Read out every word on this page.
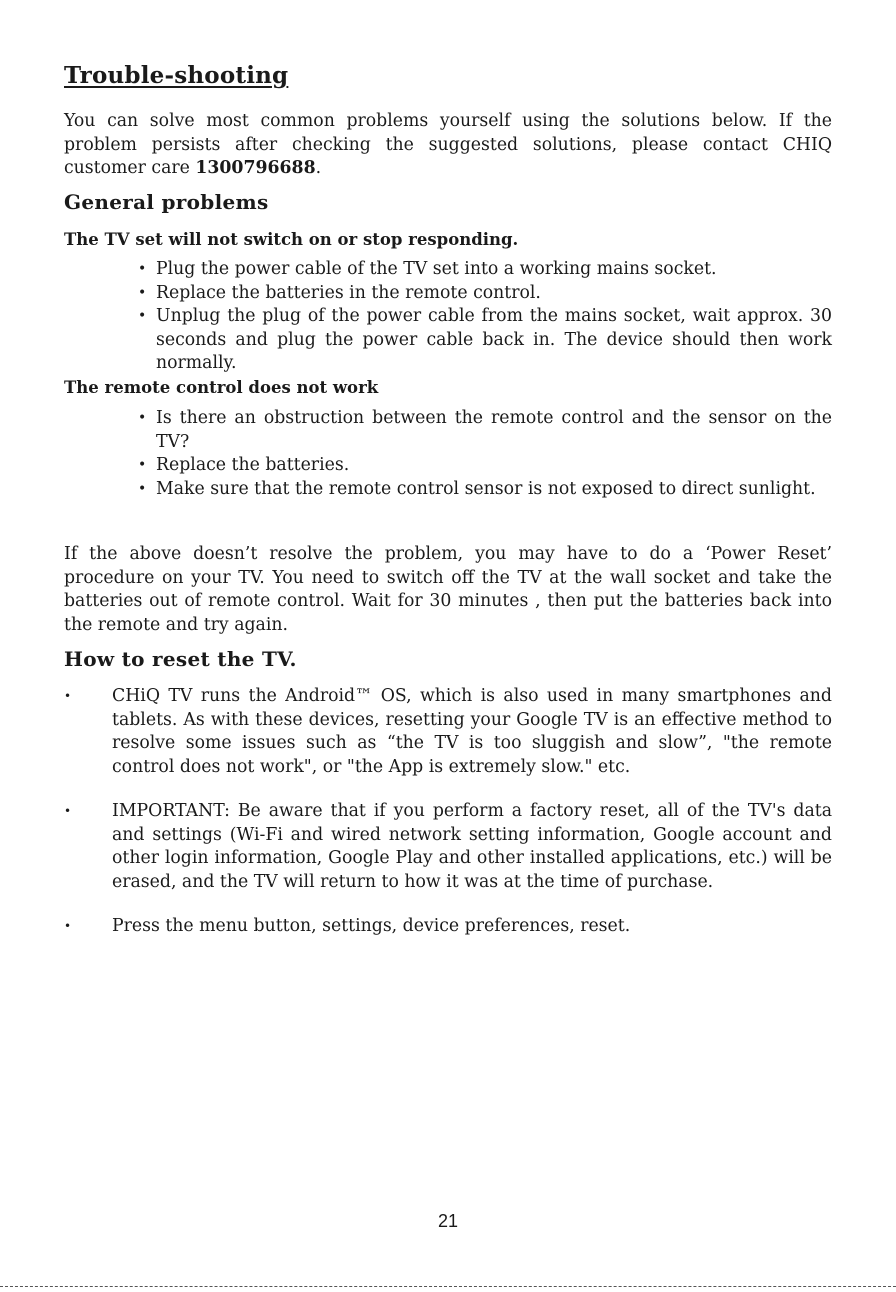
Trouble-shooting

You can solve most common problems yourself using the solutions below. If the problem persists after checking the suggested solutions, please contact CHIQ customer care 1300796688.

General problems
The TV set will not switch on or stop responding.
• Plug the power cable of the TV set into a working mains socket.
• Replace the batteries in the remote control.
• Unplug the plug of the power cable from the mains socket, wait approx. 30 seconds and plug the power cable back in. The device should then work normally.
The remote control does not work
• Is there an obstruction between the remote control and the sensor on the TV?
• Replace the batteries.
• Make sure that the remote control sensor is not exposed to direct sunlight.

If the above doesn’t resolve the problem, you may have to do a ‘Power Reset’ procedure on your TV. You need to switch off the TV at the wall socket and take the batteries out of remote control. Wait for 30 minutes , then put the batteries back into the remote and try again.

How to reset the TV.
• CHiQ TV runs the Android™ OS, which is also used in many smartphones and tablets. As with these devices, resetting your Google TV is an effective method to resolve some issues such as “the TV is too sluggish and slow”, "the remote control does not work", or "the App is extremely slow." etc.
• IMPORTANT: Be aware that if you perform a factory reset, all of the TV's data and settings (Wi-Fi and wired network setting information, Google account and other login information, Google Play and other installed applications, etc.) will be erased, and the TV will return to how it was at the time of purchase.
• Press the menu button, settings, device preferences, reset.
21
